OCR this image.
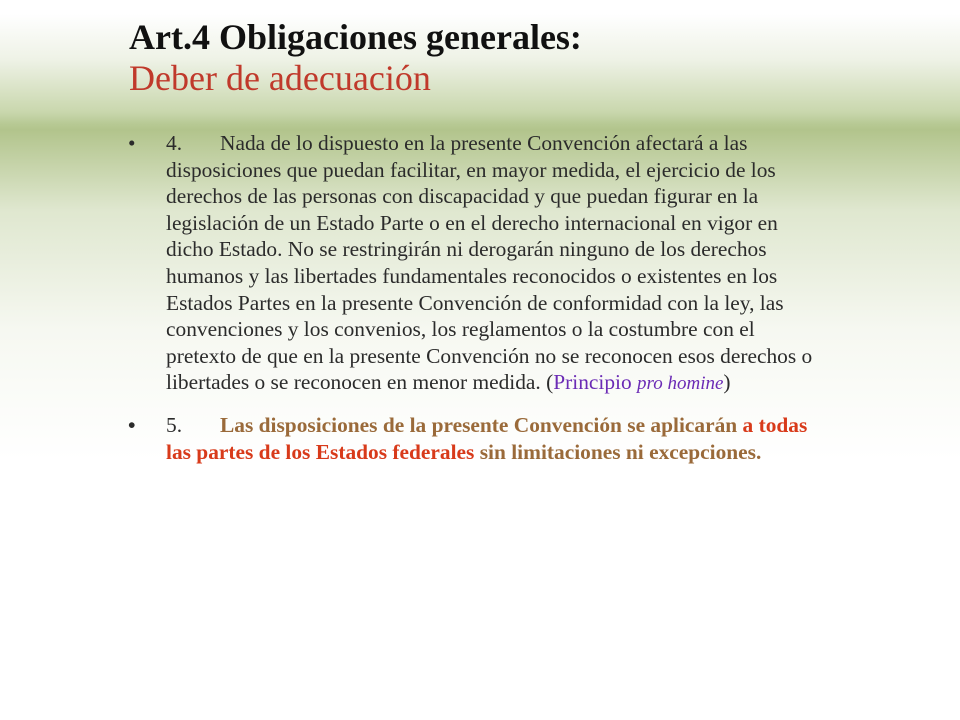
Art.4 Obligaciones generales:

Deber de adecuación

• 4. Nada de lo dispuesto en la presente Convención afectará a las disposiciones que puedan facilitar, en mayor medida, el ejercicio de los derechos de las personas con discapacidad y que puedan figurar en la legislación de un Estado Parte o en el derecho internacional en vigor en dicho Estado. No se restringirán ni derogarán ninguno de los derechos humanos y las libertades fundamentales reconocidos o existentes en los Estados Partes en la presente Convención de conformidad con la ley, las convenciones y los convenios, los reglamentos o la costumbre con el pretexto de que en la presente Convención no se reconocen esos derechos o libertades o se reconocen en menor medida. (Principio pro homine)

• 5. Las disposiciones de la presente Convención se aplicarán a todas las partes de los Estados federales sin limitaciones ni excepciones.
